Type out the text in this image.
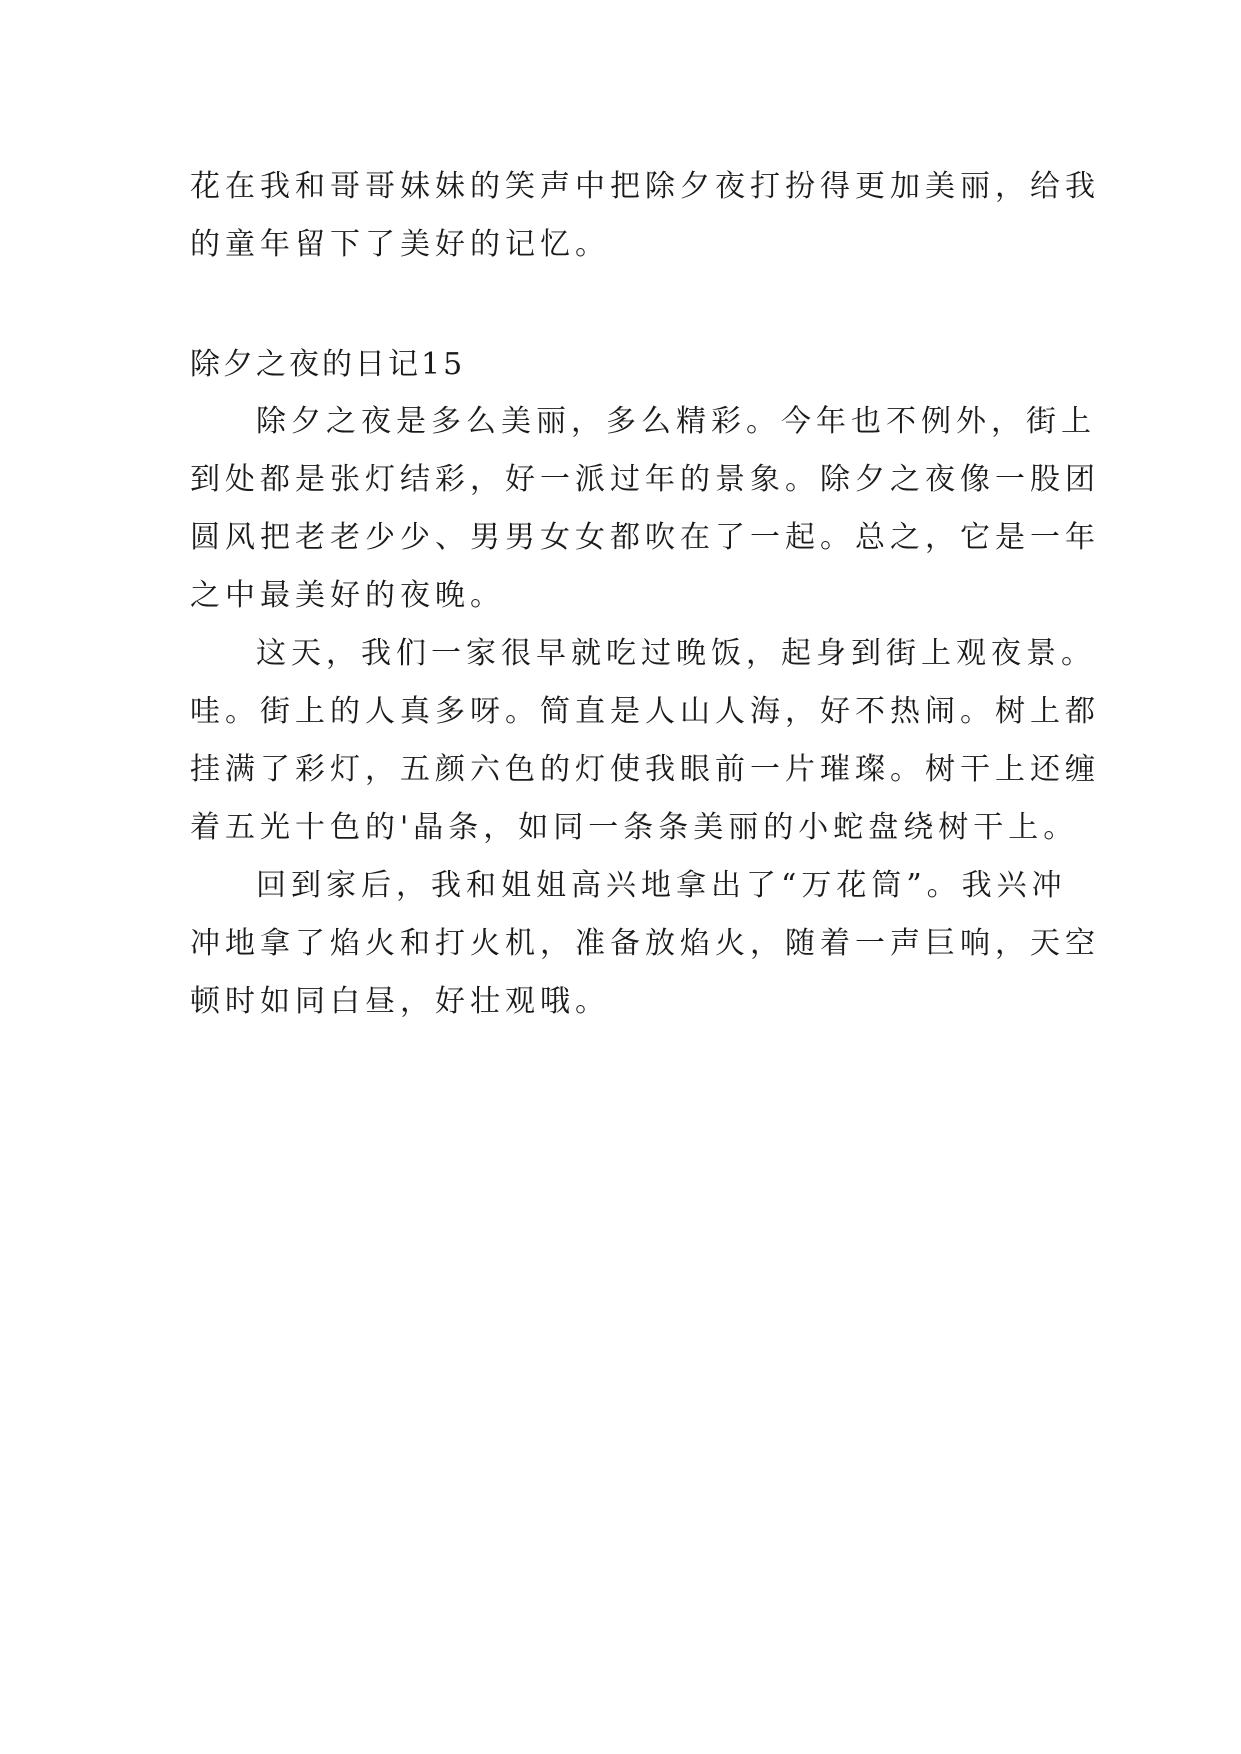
花在我和哥哥妹妹的笑声中把除夕夜打扮得更加美丽，给我
的童年留下了美好的记忆。
除夕之夜的日记15
除夕之夜是多么美丽，多么精彩。今年也不例外，街上
到处都是张灯结彩，好一派过年的景象。除夕之夜像一股团
圆风把老老少少、男男女女都吹在了一起。总之，它是一年
之中最美好的夜晚。
这天，我们一家很早就吃过晚饭，起身到街上观夜景。
哇。街上的人真多呀。简直是人山人海，好不热闹。树上都
挂满了彩灯，五颜六色的灯使我眼前一片璀璨。树干上还缠
着五光十色的'晶条，如同一条条美丽的小蛇盘绕树干上。
回到家后，我和姐姐高兴地拿出了“万花筒”。我兴冲
冲地拿了焰火和打火机，准备放焰火，随着一声巨响，天空
顿时如同白昼，好壮观哦。
